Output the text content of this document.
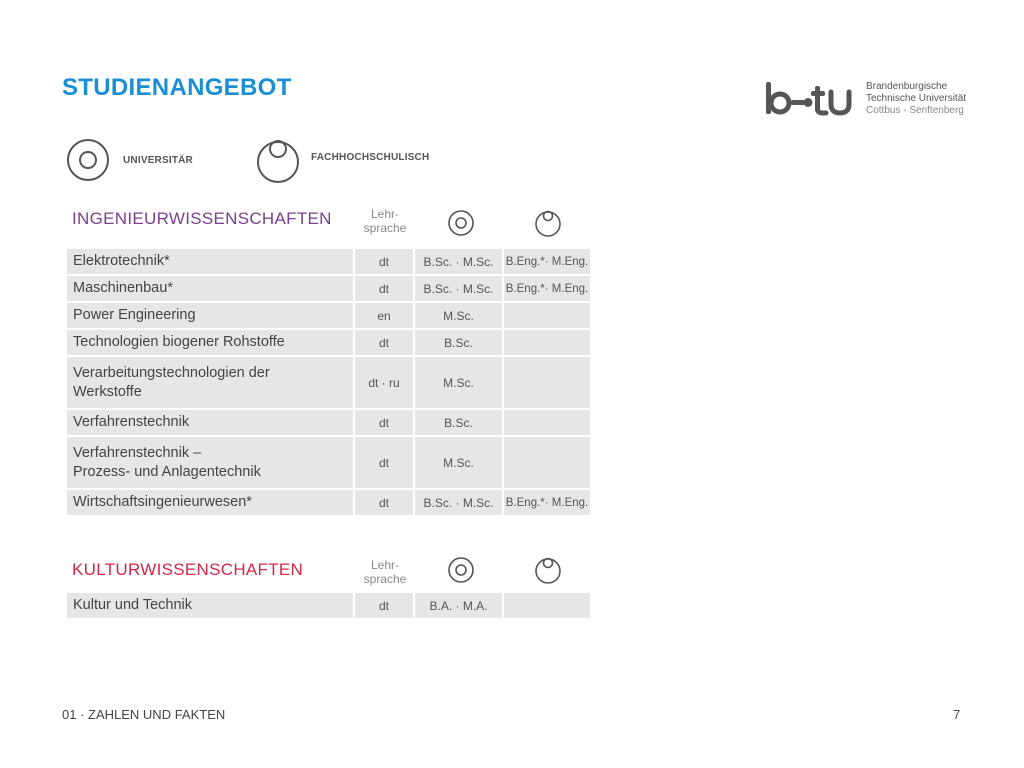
STUDIENANGEBOT	Brandenburgische
Technische Universität
Cottbus - Senftenberg
UNIVERSITÄR	FACHHOCHSCHULISCH
INGENIEURWISSENSCHAFTEN	Lehr-
sprache
Elektrotechnik*	dt	B.Sc. · M.Sc.	B.Eng.*· M.Eng.
Maschinenbau*	dt	B.Sc. · M.Sc.	B.Eng.*· M.Eng.
Power Engineering	en	M.Sc.
Technologien biogener Rohstoffe	dt	B.Sc.
Verarbeitungstechnologien der
Werkstoffe
dt · ru	M.Sc.
Verfahrenstechnik	dt	B.Sc.
Verfahrenstechnik –
Prozess- und Anlagentechnik
dt	M.Sc.
Wirtschaftsingenieurwesen*	dt	B.Sc. · M.Sc.	B.Eng.*· M.Eng.
KULTURWISSENSCHAFTEN	Lehr-
sprache
Kultur und Technik	dt	B.A. · M.A.
01 · ZAHLEN UND FAKTEN	7
